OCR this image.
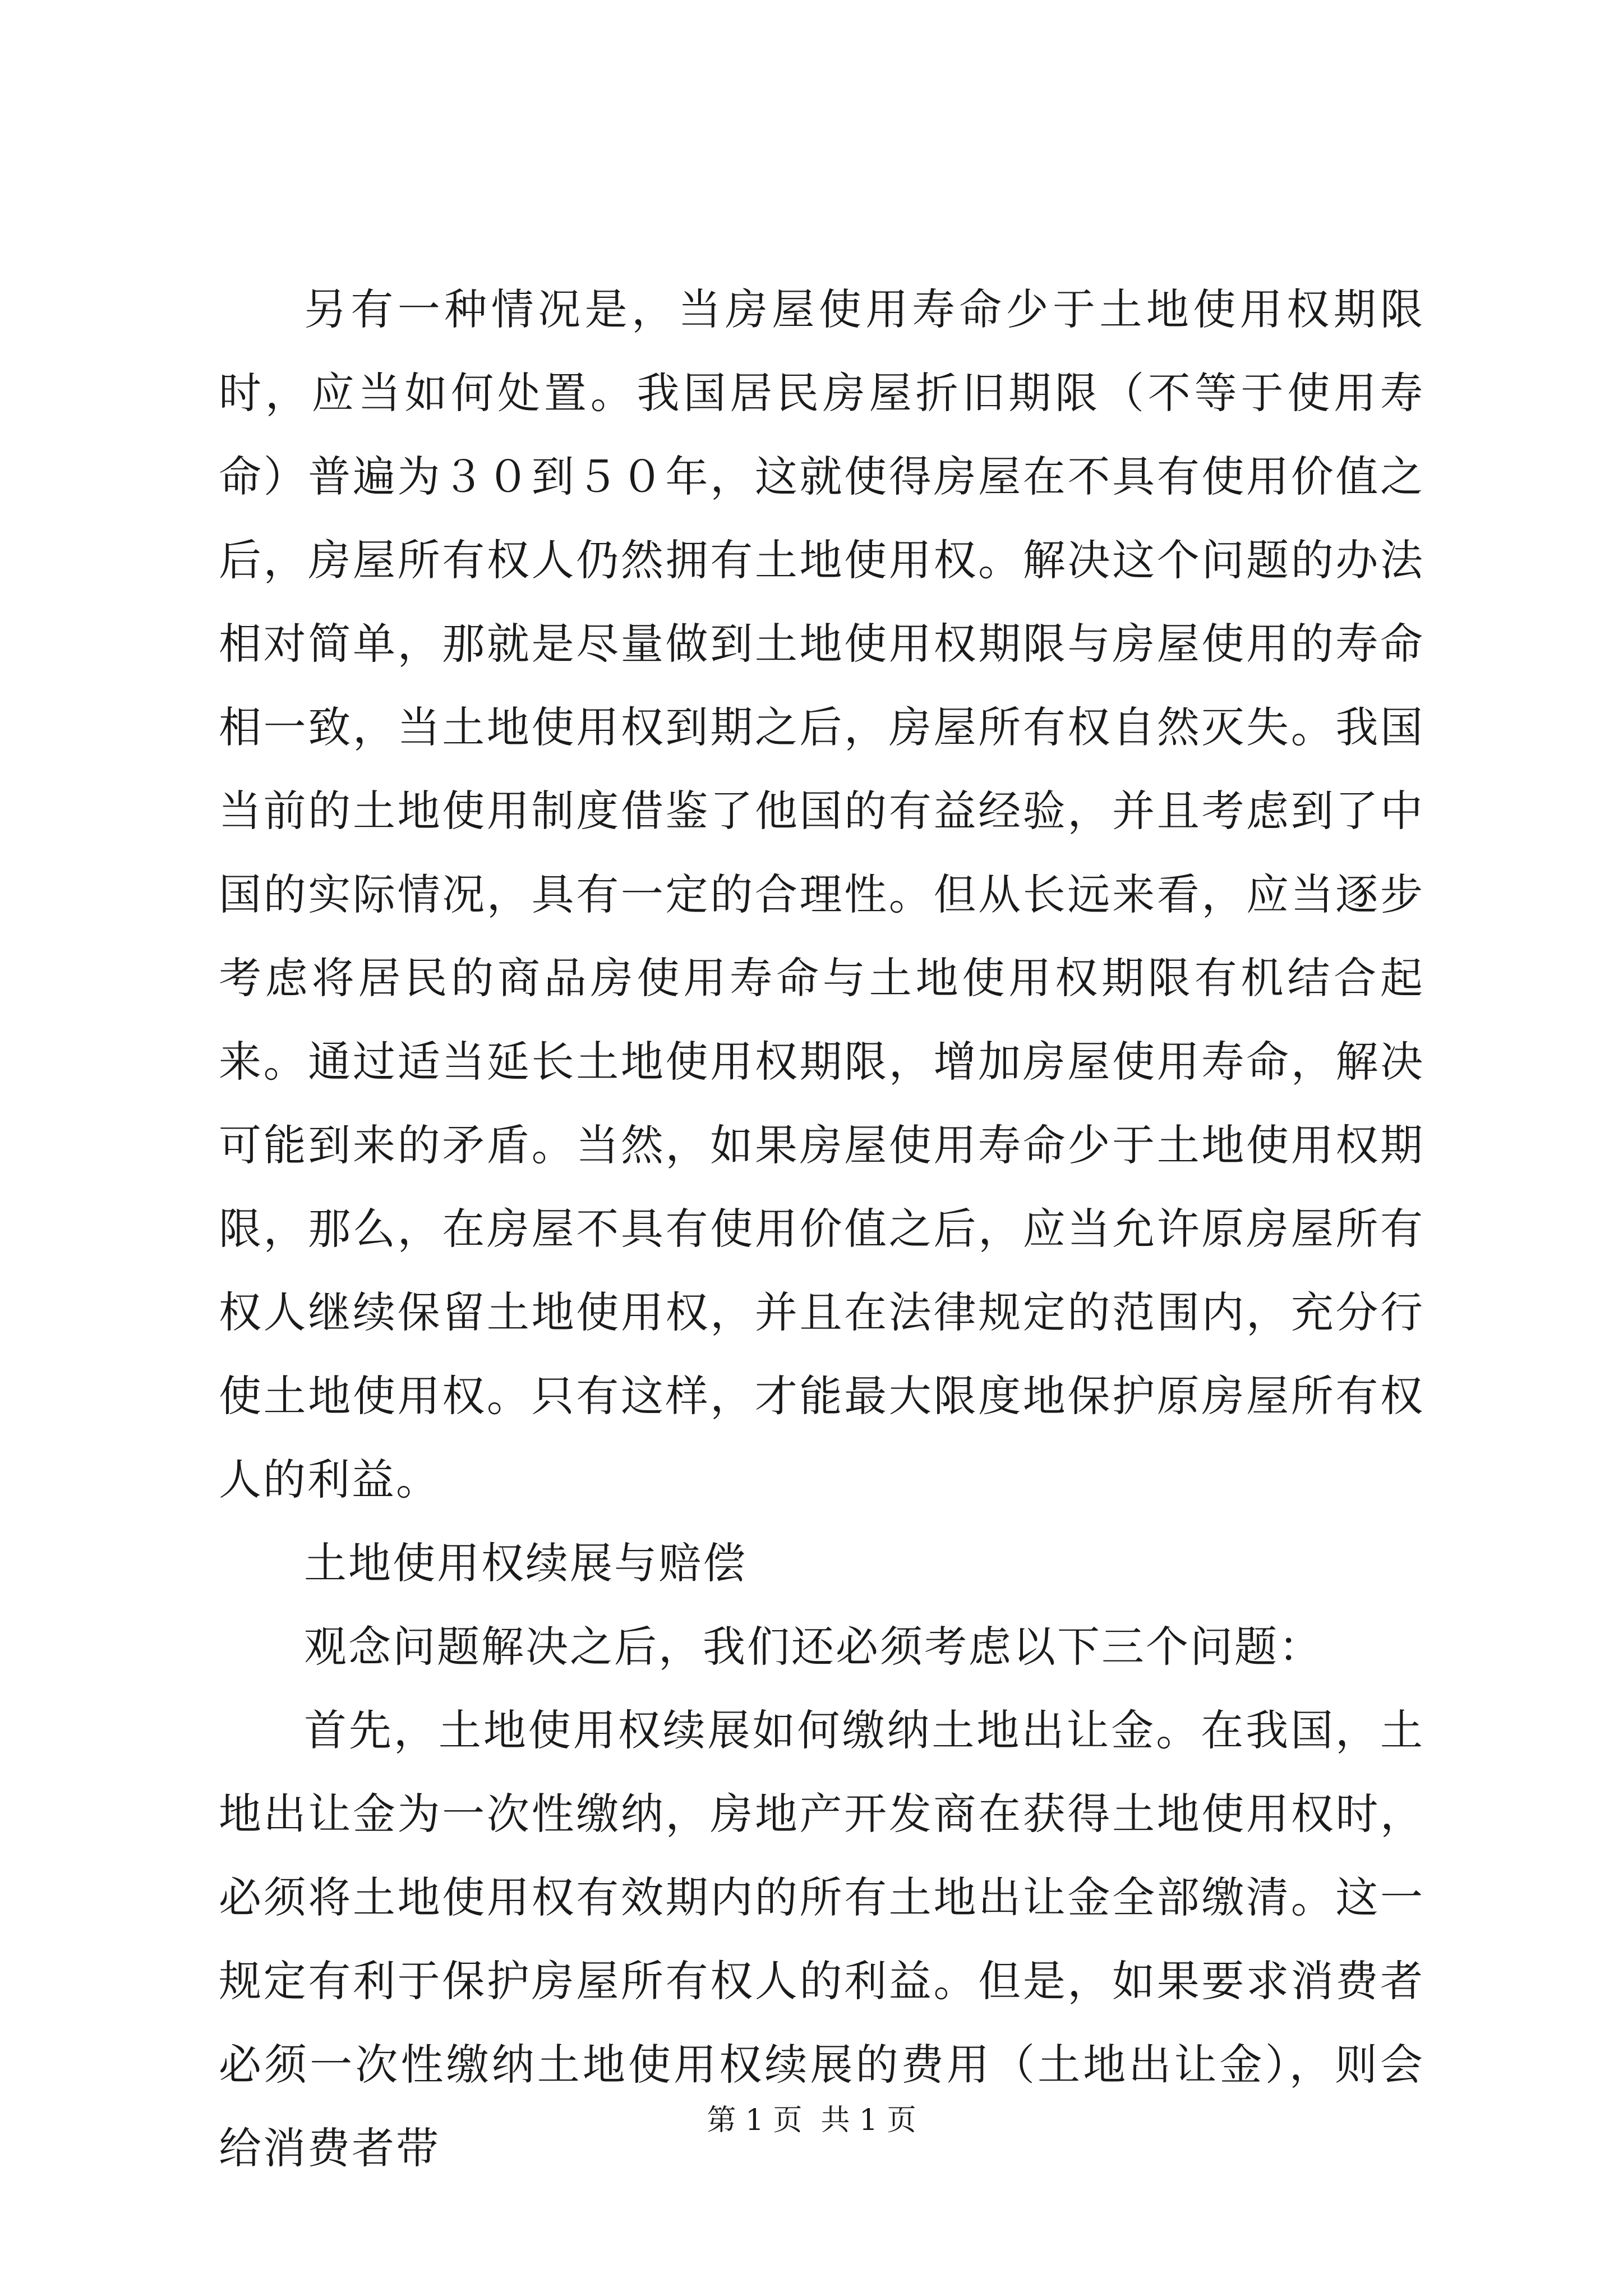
另有一种情况是，当房屋使用寿命少于土地使用权期限时，应当如何处置。我国居民房屋折旧期限（不等于使用寿命）普遍为３０到５０年，这就使得房屋在不具有使用价值之后，房屋所有权人仍然拥有土地使用权。解决这个问题的办法相对简单，那就是尽量做到土地使用权期限与房屋使用的寿命相一致，当土地使用权到期之后，房屋所有权自然灭失。我国当前的土地使用制度借鉴了他国的有益经验，并且考虑到了中国的实际情况，具有一定的合理性。但从长远来看，应当逐步考虑将居民的商品房使用寿命与土地使用权期限有机结合起来。通过适当延长土地使用权期限，增加房屋使用寿命，解决可能到来的矛盾。当然，如果房屋使用寿命少于土地使用权期限，那么，在房屋不具有使用价值之后，应当允许原房屋所有权人继续保留土地使用权，并且在法律规定的范围内，充分行使土地使用权。只有这样，才能最大限度地保护原房屋所有权人的利益。

土地使用权续展与赔偿

观念问题解决之后，我们还必须考虑以下三个问题：

首先，土地使用权续展如何缴纳土地出让金。在我国，土地出让金为一次性缴纳，房地产开发商在获得土地使用权时，必须将土地使用权有效期内的所有土地出让金全部缴清。这一规定有利于保护房屋所有权人的利益。但是，如果要求消费者必须一次性缴纳土地使用权续展的费用（土地出让金），则会给消费者带

第 1 页  共 1 页
